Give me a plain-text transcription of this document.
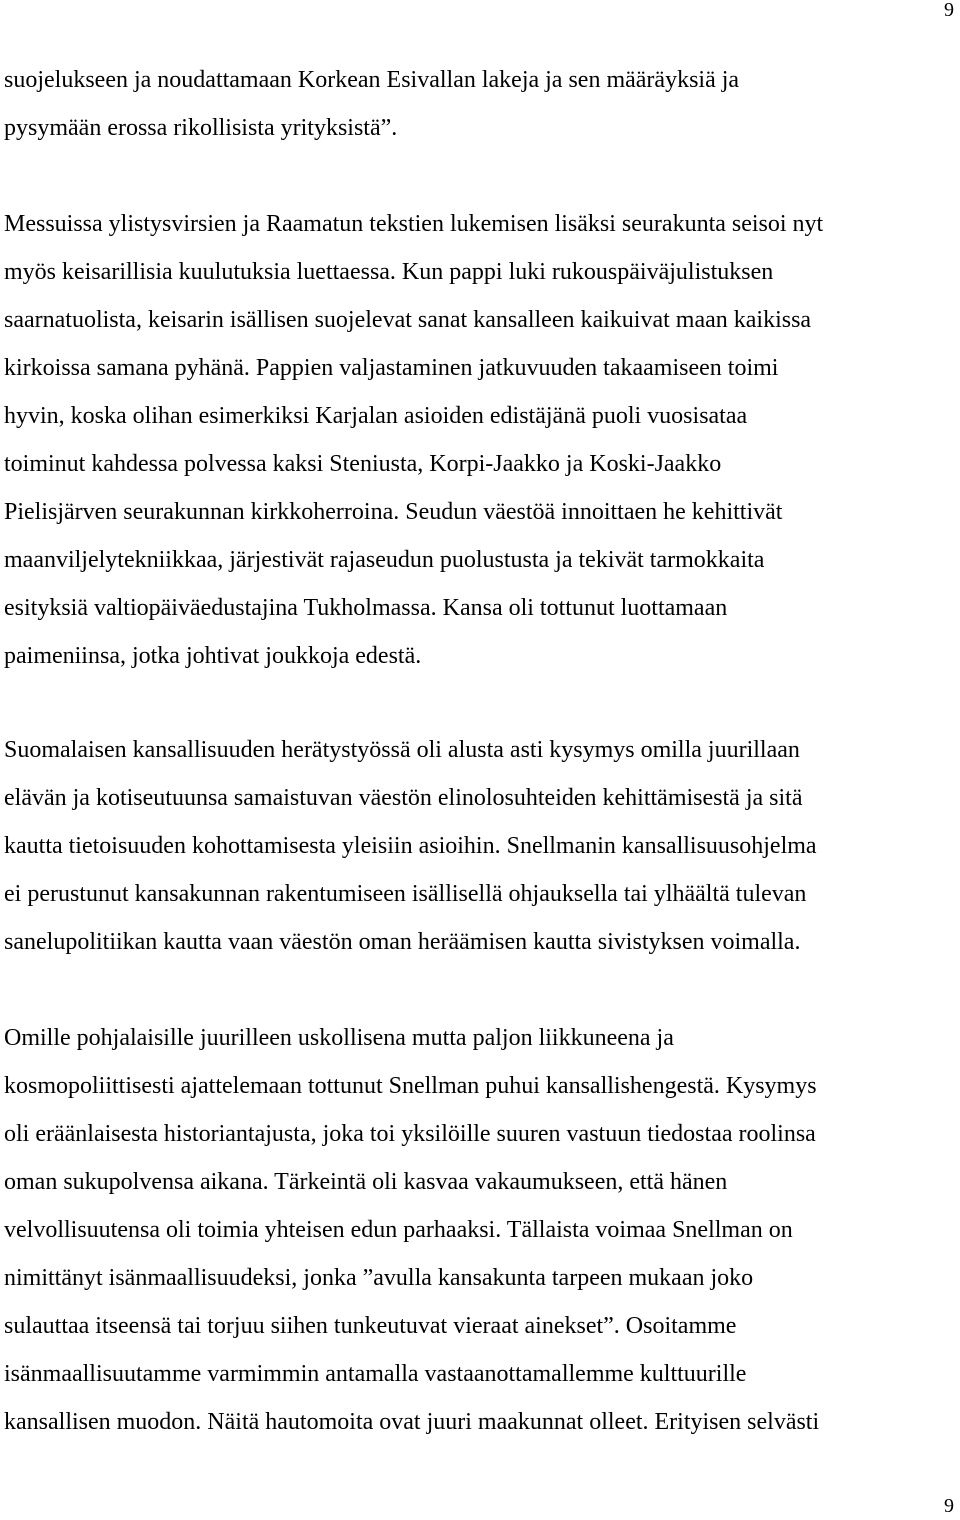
9
suojelukseen ja noudattamaan Korkean Esivallan lakeja ja sen määräyksiä ja
pysymään erossa rikollisista yrityksistä”.
Messuissa ylistysvirsien ja Raamatun tekstien lukemisen lisäksi seurakunta seisoi nyt
myös keisarillisia kuulutuksia luettaessa. Kun pappi luki rukouspäiväjulistuksen
saarnatuolista, keisarin isällisen suojelevat sanat kansalleen kaikuivat maan kaikissa
kirkoissa samana pyhänä. Pappien valjastaminen jatkuvuuden takaamiseen toimi
hyvin, koska olihan esimerkiksi Karjalan asioiden edistäjänä puoli vuosisataa
toiminut kahdessa polvessa kaksi Steniusta, Korpi-Jaakko ja Koski-Jaakko
Pielisjärven seurakunnan kirkkoherroina. Seudun väestöä innoittaen he kehittivät
maanviljelytekniikkaa, järjestivät rajaseudun puolustusta ja tekivät tarmokkaita
esityksiä valtiopäiväedustajina Tukholmassa. Kansa oli tottunut luottamaan
paimeniinsa, jotka johtivat joukkoja edestä.
Suomalaisen kansallisuuden herätystyössä oli alusta asti kysymys omilla juurillaan
elävän ja kotiseutuunsa samaistuvan väestön elinolosuhteiden kehittämisestä ja sitä
kautta tietoisuuden kohottamisesta yleisiin asioihin. Snellmanin kansallisuusohjelma
ei perustunut kansakunnan rakentumiseen isällisellä ohjauksella tai ylhäältä tulevan
sanelupolitiikan kautta vaan väestön oman heräämisen kautta sivistyksen voimalla.
Omille pohjalaisille juurilleen uskollisena mutta paljon liikkuneena ja
kosmopoliittisesti ajattelemaan tottunut Snellman puhui kansallishengestä. Kysymys
oli eräänlaisesta historiantajusta, joka toi yksilöille suuren vastuun tiedostaa roolinsa
oman sukupolvensa aikana. Tärkeintä oli kasvaa vakaumukseen, että hänen
velvollisuutensa oli toimia yhteisen edun parhaaksi. Tällaista voimaa Snellman on
nimittänyt isänmaallisuudeksi, jonka ”avulla kansakunta tarpeen mukaan joko
sulauttaa itseensä tai torjuu siihen tunkeutuvat vieraat ainekset”. Osoitamme
isänmaallisuutamme varmimmin antamalla vastaanottamallemme kulttuurille
kansallisen muodon. Näitä hautomoita ovat juuri maakunnat olleet. Erityisen selvästi
9
